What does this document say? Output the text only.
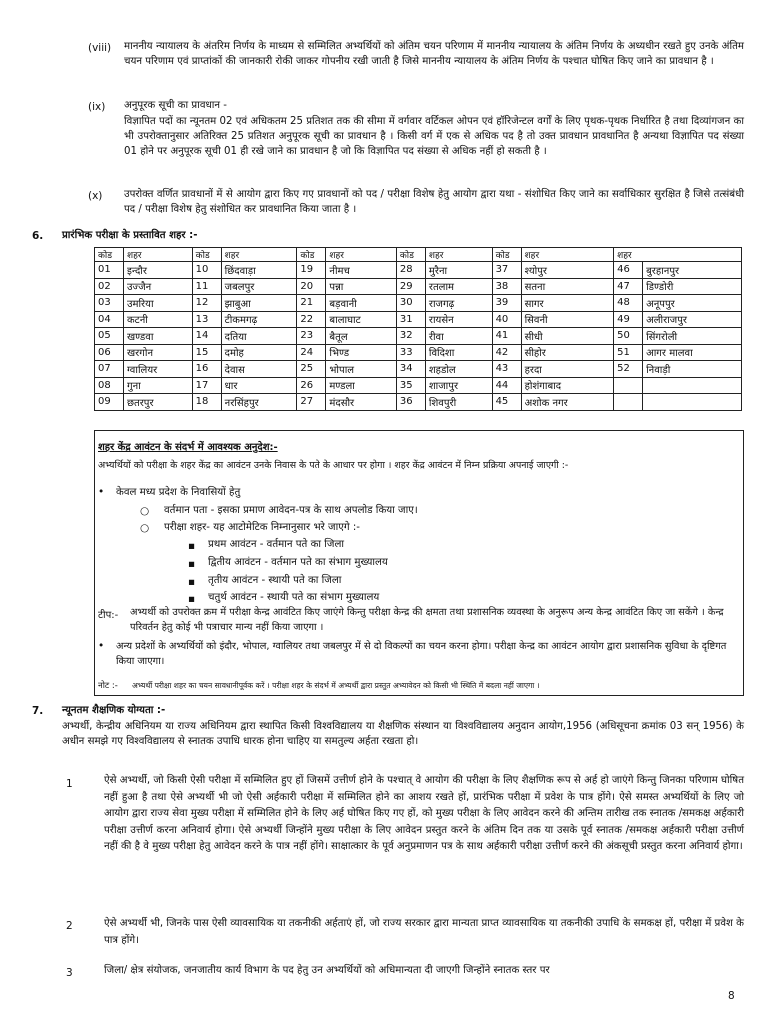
(viii) माननीय न्यायालय के अंतरिम निर्णय के माध्यम से सम्मिलित अभ्यर्थियों को अंतिम चयन परिणाम में माननीय न्यायालय के अंतिम निर्णय के अध्यधीन रखते हुए उनके अंतिम चयन परिणाम एवं प्राप्तांकों की जानकारी रोकी जाकर गोपनीय रखी जाती है जिसे माननीय न्यायालय के अंतिम निर्णय के पश्चात घोषित किए जाने का प्रावधान है ।

(ix) अनुपूरक सूची का प्रावधान -

विज्ञापित पदों का न्यूनतम 02 एवं अधिकतम 25 प्रतिशत तक की सीमा में वर्गवार वर्टिकल ओपन एवं हॉरिजेन्टल वर्गों के लिए पृथक-पृथक निर्धारित है तथा दिव्यांगजन का भी उपरोक्तानुसार अतिरिक्त 25 प्रतिशत अनुपूरक सूची का प्रावधान है । किसी वर्ग में एक से अधिक पद है तो उक्त प्रावधान प्रावधानित है अन्यथा विज्ञापित पद संख्या 01 होने पर अनुपूरक सूची 01 ही रखे जाने का प्रावधान है जो कि विज्ञापित पद संख्या से अधिक नहीं हो सकती है ।

(x) उपरोक्त वर्णित प्रावधानों में से आयोग द्वारा किए गए प्रावधानों को पद / परीक्षा विशेष हेतु आयोग द्वारा यथा - संशोधित किए जाने का सर्वाधिकार सुरक्षित है जिसे तत्संबंधी पद / परीक्षा विशेष हेतु संशोधित कर प्रावधानित किया जाता है ।

6. प्रारंभिक परीक्षा के प्रस्तावित शहर :-

कोड	शहर	कोड	शहर	कोड	शहर	कोड	शहर	कोड	शहर	शहर	
01	इन्दौर	10	छिंदवाड़ा	19	नीमच	28	मुरैना	37	श्योपुर	46	बुरहानपुर
02	उज्जैन	11	जबलपुर	20	पन्ना	29	रतलाम	38	सतना	47	डिण्डोरी
03	उमरिया	12	झाबुआ	21	बड़वानी	30	राजगढ़	39	सागर	48	अनूपपुर
04	कटनी	13	टीकमगढ़	22	बालाघाट	31	रायसेन	40	सिवनी	49	अलीराजपुर
05	खण्डवा	14	दतिया	23	बैतूल	32	रीवा	41	सीधी	50	सिंगरोली
06	खरगोन	15	दमोह	24	भिण्ड	33	विदिशा	42	सीहोर	51	आगर मालवा
07	ग्वालियर	16	देवास	25	भोपाल	34	शहडोल	43	हरदा	52	निवाड़ी
08	गुना	17	धार	26	मण्डला	35	शाजापुर	44	होशंगाबाद		
09	छतरपुर	18	नरसिंहपुर	27	मंदसौर	36	शिवपुरी	45	अशोक नगर		
शहर केंद्र आवंटन के संदर्भ में आवश्यक अनुदेश:-

अभ्यर्थियों को परीक्षा के शहर केंद्र का आवंटन उनके निवास के पते के आधार पर होगा । शहर केंद्र आवंटन में निम्न प्रक्रिया अपनाई जाएगी :-

• केवल मध्य प्रदेश के निवासियों हेतु

○ वर्तमान पता - इसका प्रमाण आवेदन-पत्र के साथ अपलोड किया जाए।

○ परीक्षा शहर- यह आटोमेटिक निम्नानुसार भरे जाएगे :-

▪ प्रथम आवंटन - वर्तमान पते का जिला

▪ द्वितीय आवंटन - वर्तमान पते का संभाग मुख्यालय

▪ तृतीय आवंटन - स्थायी पते का जिला

▪ चतुर्थ आवंटन - स्थायी पते का संभाग मुख्यालय

टीप:- अभ्यर्थी को उपरोक्त क्रम में परीक्षा केन्द्र आवंटित किए जाएंगे किन्तु परीक्षा केन्द्र की क्षमता तथा प्रशासनिक व्यवस्था के अनुरूप अन्य केन्द्र आवंटित किए जा सकेंगे । केन्द्र परिवर्तन हेतु कोई भी पत्राचार मान्य नहीं किया जाएगा ।

• अन्य प्रदेशों के अभ्यर्थियों को इंदौर, भोपाल, ग्वालियर तथा जबलपुर में से दो विकल्पों का चयन करना होगा। परीक्षा केन्द्र का आवंटन आयोग द्वारा प्रशासनिक सुविधा के दृष्टिगत किया जाएगा।

नोट :- अभ्यर्थी परीक्षा शहर का चयन सावधानीपूर्वक करें । परीक्षा शहर के संदर्भ में अभ्यर्थी द्वारा प्रस्तुत अभ्यावेदन को किसी भी स्थिति में बदला नहीं जाएगा ।

7. न्यूनतम शैक्षणिक योग्यता :-

अभ्यर्थी, केन्द्रीय अधिनियम या राज्य अधिनियम द्वारा स्थापित किसी विश्वविद्यालय या शैक्षणिक संस्थान या विश्वविद्यालय अनुदान आयोग,1956 (अधिसूचना क्रमांक 03 सन् 1956) के अधीन समझे गए विश्वविद्यालय से स्नातक उपाधि धारक होना चाहिए या समतुल्य अर्हता रखता हो।

1	ऐसे अभ्यर्थी, जो किसी ऐसी परीक्षा में सम्मिलित हुए हों जिसमें उत्तीर्ण होने के पश्चात् वे आयोग की परीक्षा के लिए शैक्षणिक रूप से अर्ह हो जाएंगे किन्तु जिनका परिणाम घोषित नहीं हुआ है तथा ऐसे अभ्यर्थी भी जो ऐसी अर्हकारी परीक्षा में सम्मिलित होने का आशय रखते हों, प्रारंभिक परीक्षा में प्रवेश के पात्र होंगे। ऐसे समस्त अभ्यर्थियों के लिए जो आयोग द्वारा राज्य सेवा मुख्य परीक्षा में सम्मिलित होने के लिए अर्ह घोषित किए गए हों, को मुख्य परीक्षा के लिए आवेदन करने की अन्तिम तारीख तक स्नातक /समकक्ष अर्हकारी परीक्षा उत्तीर्ण करना अनिवार्य होगा। ऐसे अभ्यर्थी जिन्होंने मुख्य परीक्षा के लिए आवेदन प्रस्तुत करने के अंतिम दिन तक या उसके पूर्व स्नातक /समकक्ष अर्हकारी परीक्षा उत्तीर्ण नहीं की है वे मुख्य परीक्षा हेतु आवेदन करने के पात्र नहीं होंगे। साक्षात्कार के पूर्व अनुप्रमाणन पत्र के साथ अर्हकारी परीक्षा उत्तीर्ण करने की अंकसूची प्रस्तुत करना अनिवार्य होगा।

2	ऐसे अभ्यर्थी भी, जिनके पास ऐसी व्यावसायिक या तकनीकी अर्हताएं हों, जो राज्य सरकार द्वारा मान्यता प्राप्त व्यावसायिक या तकनीकी उपाधि के समकक्ष हों, परीक्षा में प्रवेश के पात्र होंगे।

3	जिला/ क्षेत्र संयोजक, जनजातीय कार्य विभाग के पद हेतु उन अभ्यर्थियों को अधिमान्यता दी जाएगी जिन्होंने स्नातक स्तर पर

8
